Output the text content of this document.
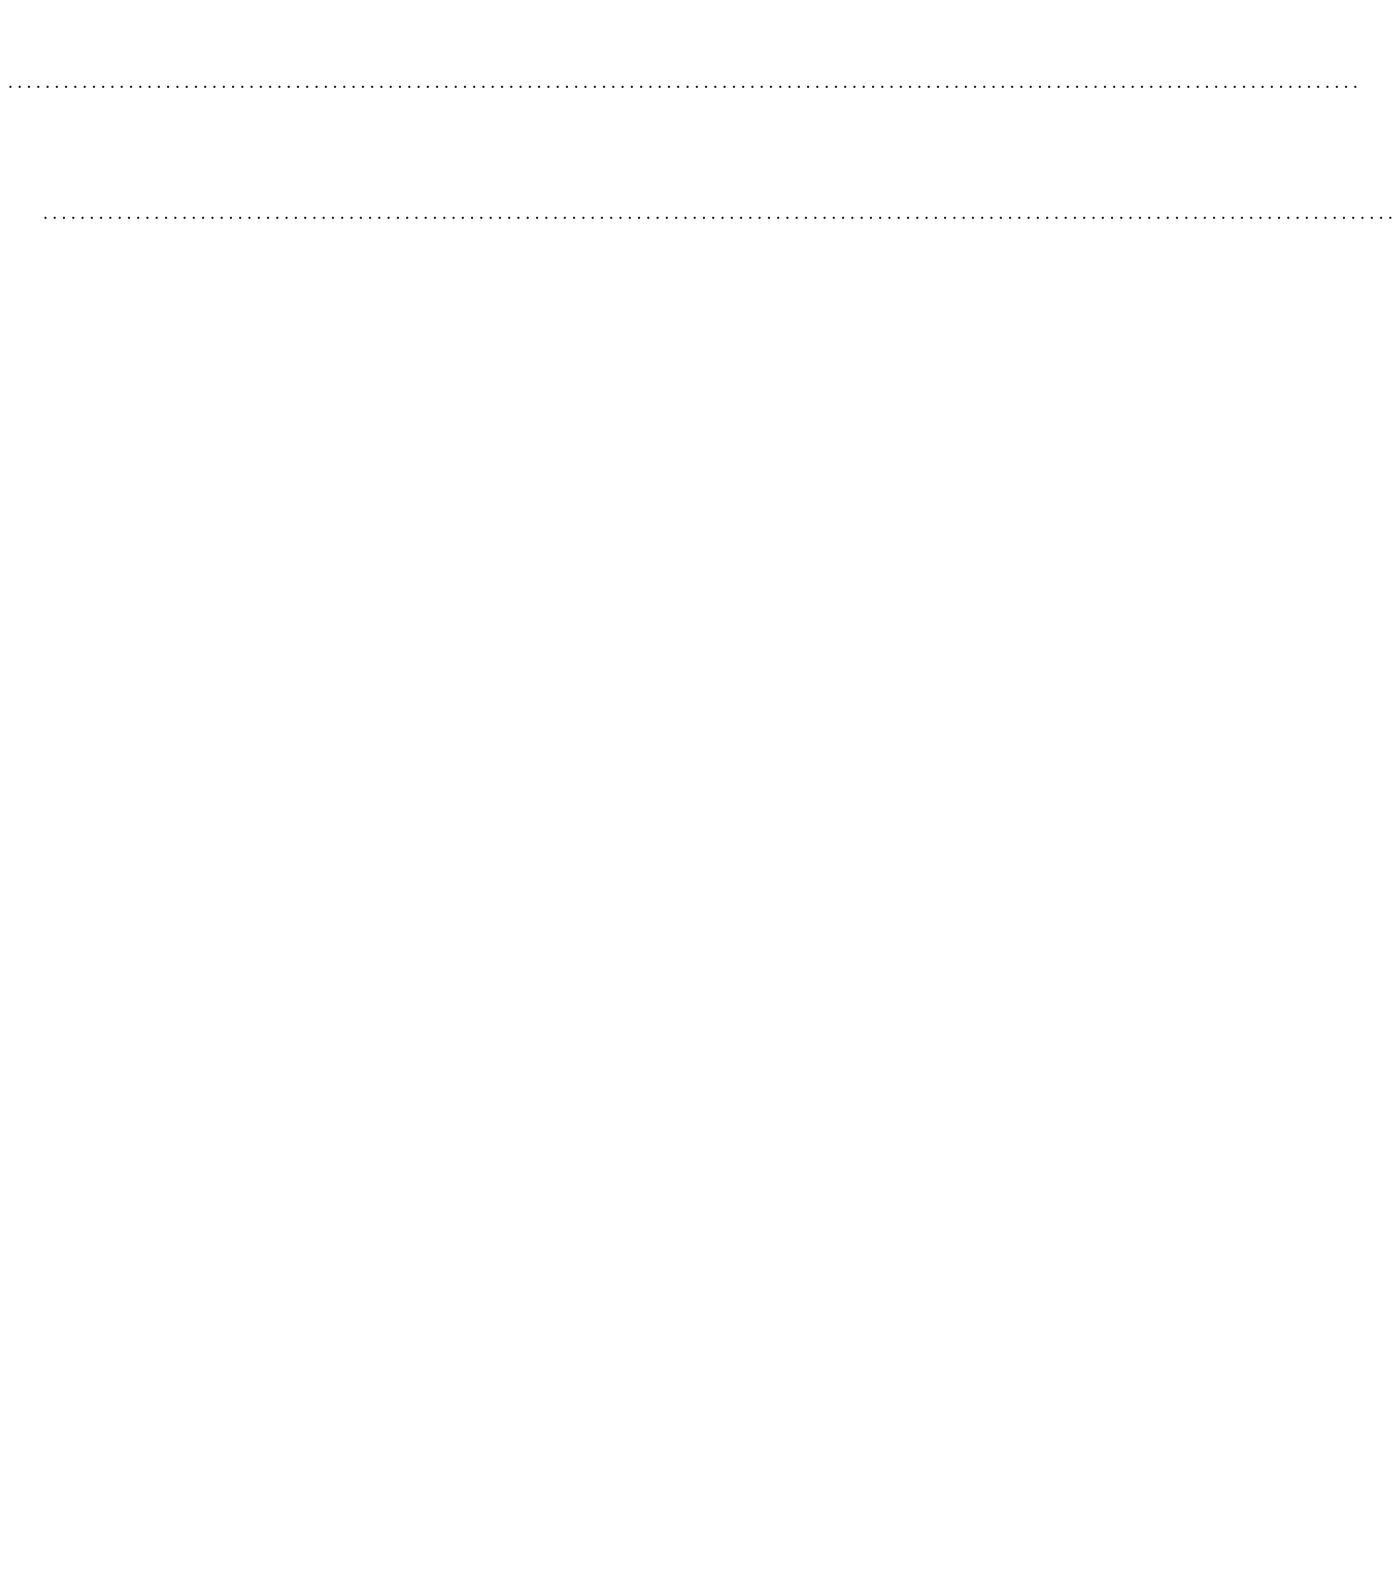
..................................................................................................................................................
..................................................................................................................................................
